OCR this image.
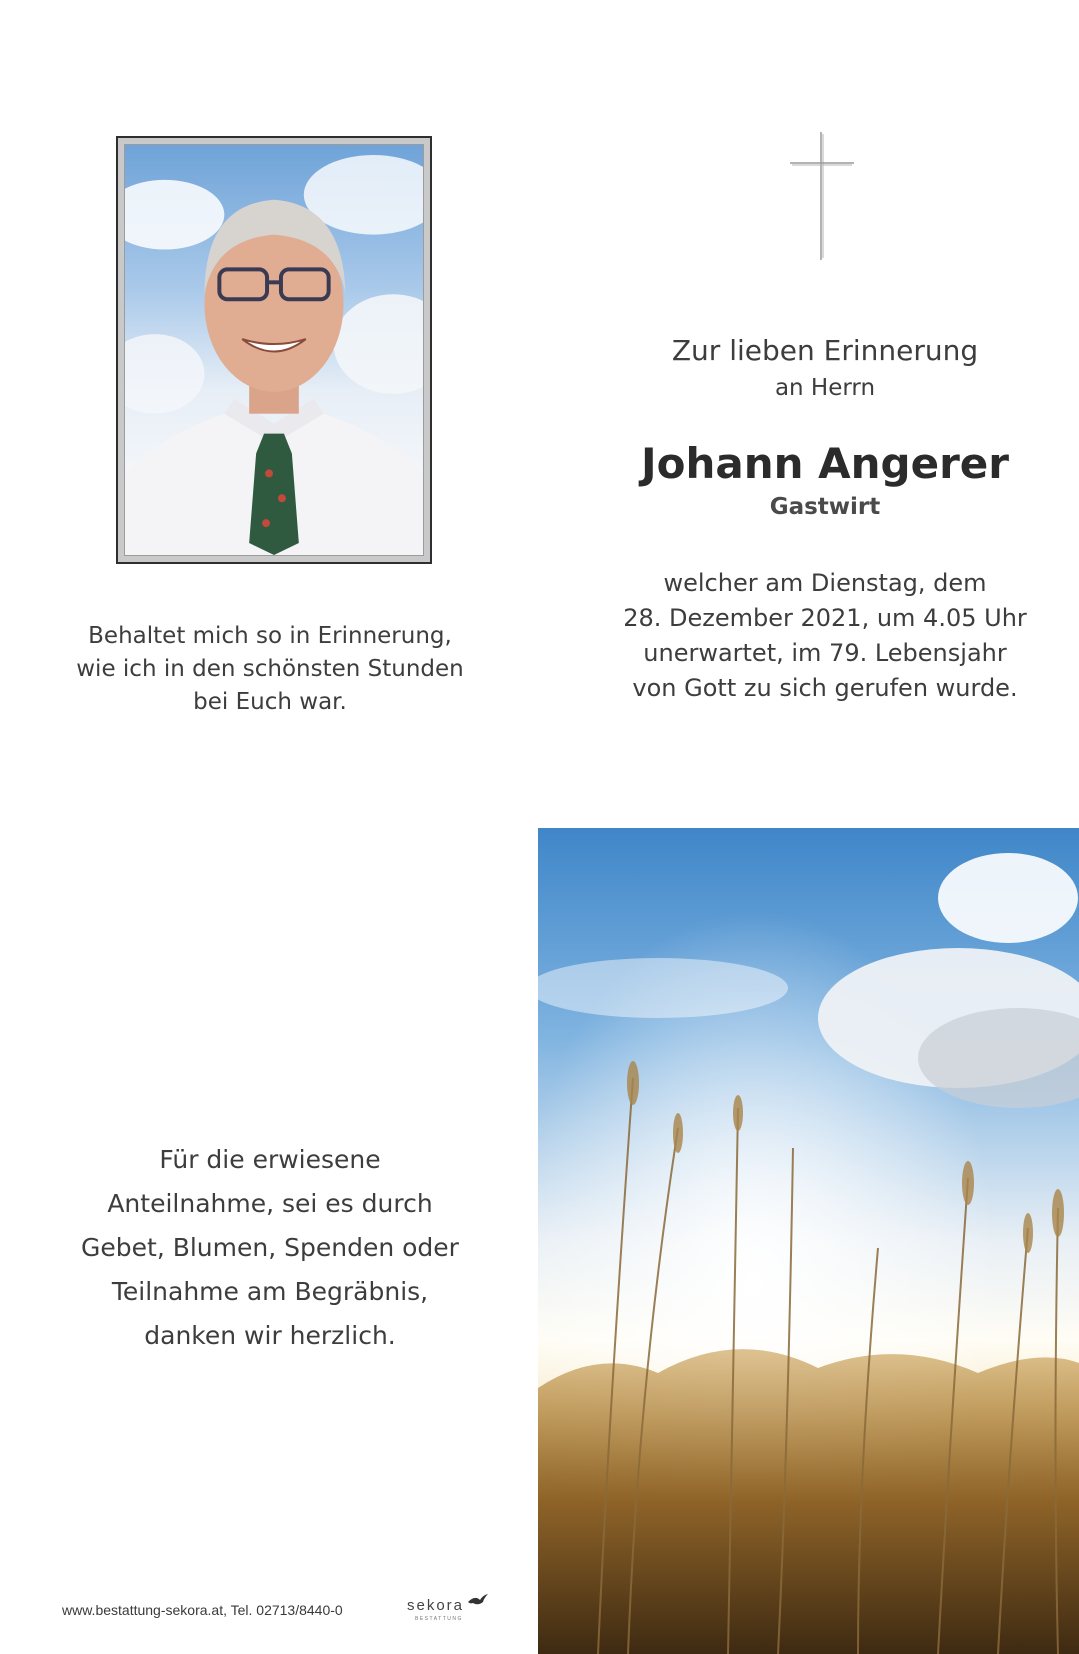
Behaltet mich so in Erinnerung,
wie ich in den schönsten Stunden
bei Euch war.
Zur lieben Erinnerung
an Herrn
Johann Angerer
Gastwirt
welcher am Dienstag, dem
28. Dezember 2021, um 4.05 Uhr
unerwartet, im 79. Lebensjahr
von Gott zu sich gerufen wurde.
Für die erwiesene
Anteilnahme, sei es durch
Gebet, Blumen, Spenden oder
Teilnahme am Begräbnis,
danken wir herzlich.
www.bestattung-sekora.at, Tel. 02713/8440-0	sekora
BESTATTUNG
